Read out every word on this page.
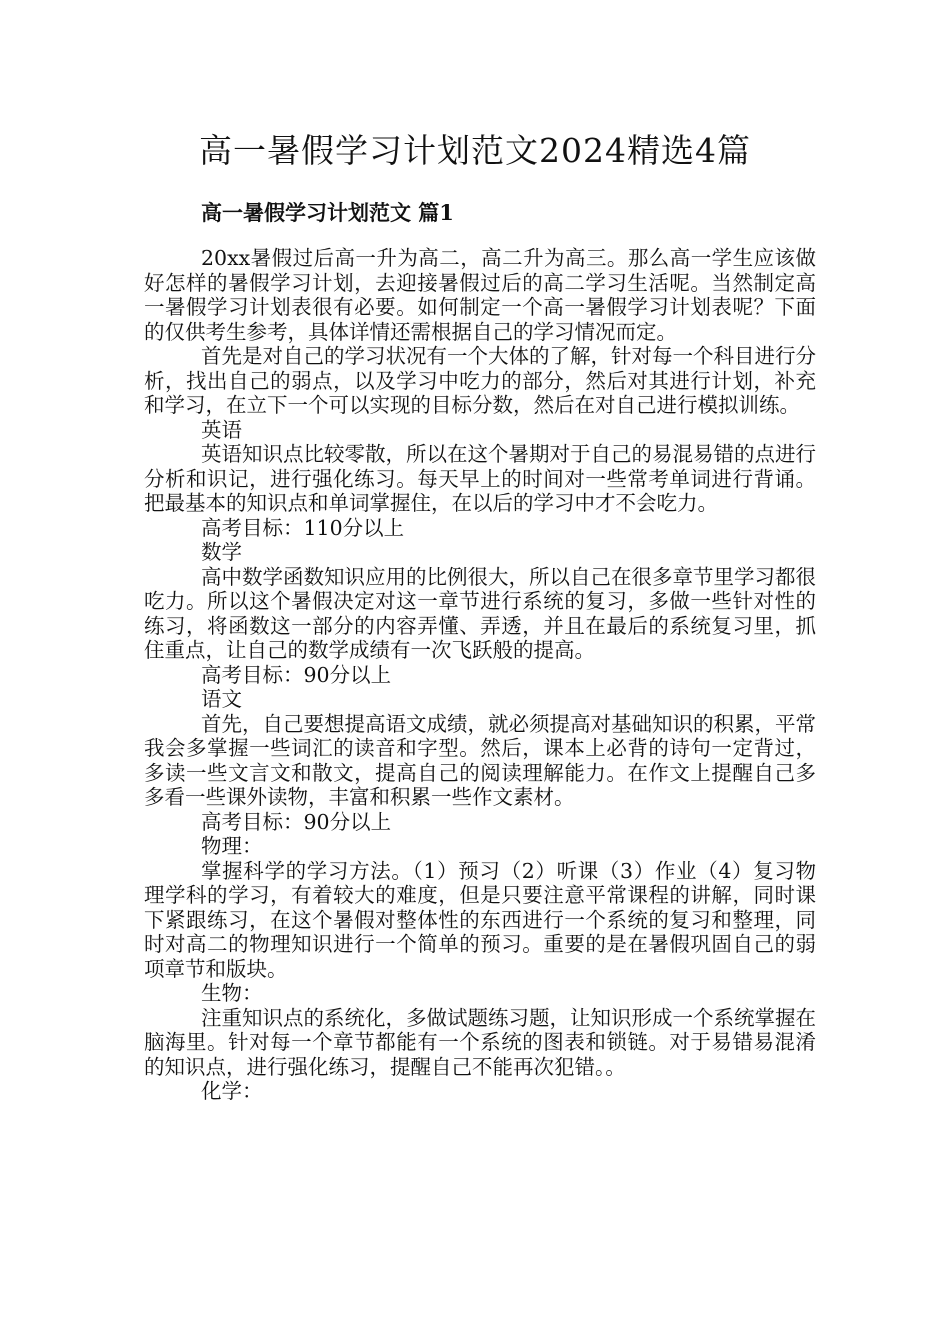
高一暑假学习计划范文2024精选4篇
高一暑假学习计划范文 篇1

20xx暑假过后高一升为高二，高二升为高三。那么高一学生应该做好怎样的暑假学习计划，去迎接暑假过后的高二学习生活呢。当然制定高一暑假学习计划表很有必要。如何制定一个高一暑假学习计划表呢？下面的仅供考生参考，具体详情还需根据自己的学习情况而定。

首先是对自己的学习状况有一个大体的了解，针对每一个科目进行分析，找出自己的弱点，以及学习中吃力的部分，然后对其进行计划，补充和学习，在立下一个可以实现的目标分数，然后在对自己进行模拟训练。

英语

英语知识点比较零散，所以在这个暑期对于自己的易混易错的点进行分析和识记，进行强化练习。每天早上的时间对一些常考单词进行背诵。把最基本的知识点和单词掌握住，在以后的学习中才不会吃力。

高考目标：110分以上

数学

高中数学函数知识应用的比例很大，所以自己在很多章节里学习都很吃力。所以这个暑假决定对这一章节进行系统的复习，多做一些针对性的练习，将函数这一部分的内容弄懂、弄透，并且在最后的系统复习里，抓住重点，让自己的数学成绩有一次飞跃般的提高。

高考目标：90分以上

语文

首先，自己要想提高语文成绩，就必须提高对基础知识的积累，平常我会多掌握一些词汇的读音和字型。然后，课本上必背的诗句一定背过，多读一些文言文和散文，提高自己的阅读理解能力。在作文上提醒自己多多看一些课外读物，丰富和积累一些作文素材。

高考目标：90分以上

物理：

掌握科学的学习方法。（1）预习（2）听课（3）作业（4）复习物理学科的学习，有着较大的难度，但是只要注意平常课程的讲解，同时课下紧跟练习，在这个暑假对整体性的东西进行一个系统的复习和整理，同时对高二的物理知识进行一个简单的预习。重要的是在暑假巩固自己的弱项章节和版块。

生物：

注重知识点的系统化，多做试题练习题，让知识形成一个系统掌握在脑海里。针对每一个章节都能有一个系统的图表和锁链。对于易错易混淆的知识点，进行强化练习，提醒自己不能再次犯错。。

化学：
